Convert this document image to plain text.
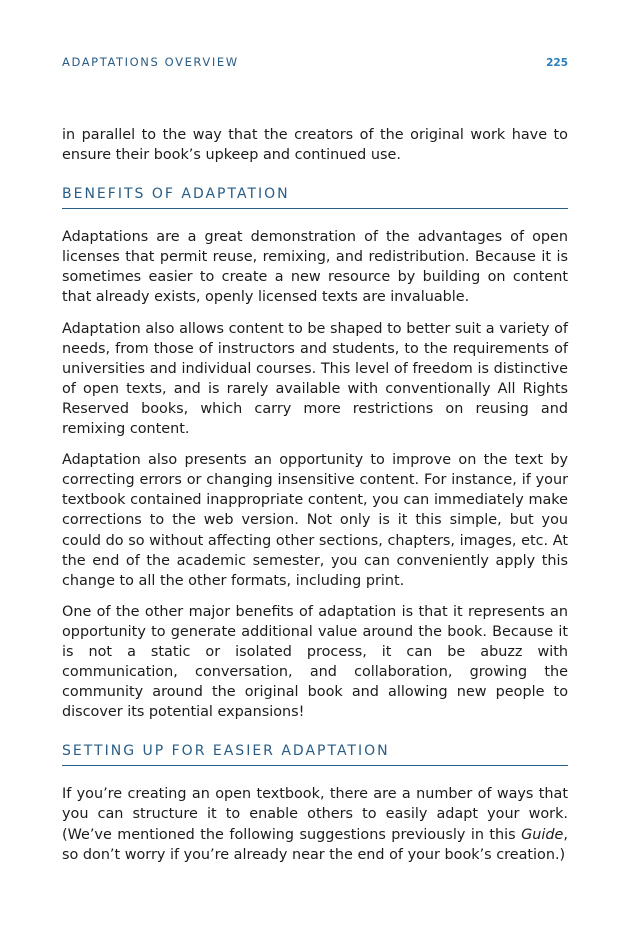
ADAPTATIONS OVERVIEW	225

in parallel to the way that the creators of the original work have to ensure their book’s upkeep and continued use.

BENEFITS OF ADAPTATION

Adaptations are a great demonstration of the advantages of open licenses that permit reuse, remixing, and redistribution. Because it is sometimes easier to create a new resource by building on content that already exists, openly licensed texts are invaluable.

Adaptation also allows content to be shaped to better suit a variety of needs, from those of instructors and students, to the requirements of universities and individual courses. This level of freedom is distinctive of open texts, and is rarely available with conventionally All Rights Reserved books, which carry more restrictions on reusing and remixing content.

Adaptation also presents an opportunity to improve on the text by correcting errors or changing insensitive content. For instance, if your textbook contained inappropriate content, you can immediately make corrections to the web version. Not only is it this simple, but you could do so without affecting other sections, chapters, images, etc. At the end of the academic semester, you can conveniently apply this change to all the other formats, including print.

One of the other major benefits of adaptation is that it represents an opportunity to generate additional value around the book. Because it is not a static or isolated process, it can be abuzz with communication, conversation, and collaboration, growing the community around the original book and allowing new people to discover its potential expansions!

SETTING UP FOR EASIER ADAPTATION

If you’re creating an open textbook, there are a number of ways that you can structure it to enable others to easily adapt your work. (We’ve mentioned the following suggestions previously in this Guide, so don’t worry if you’re already near the end of your book’s creation.)
